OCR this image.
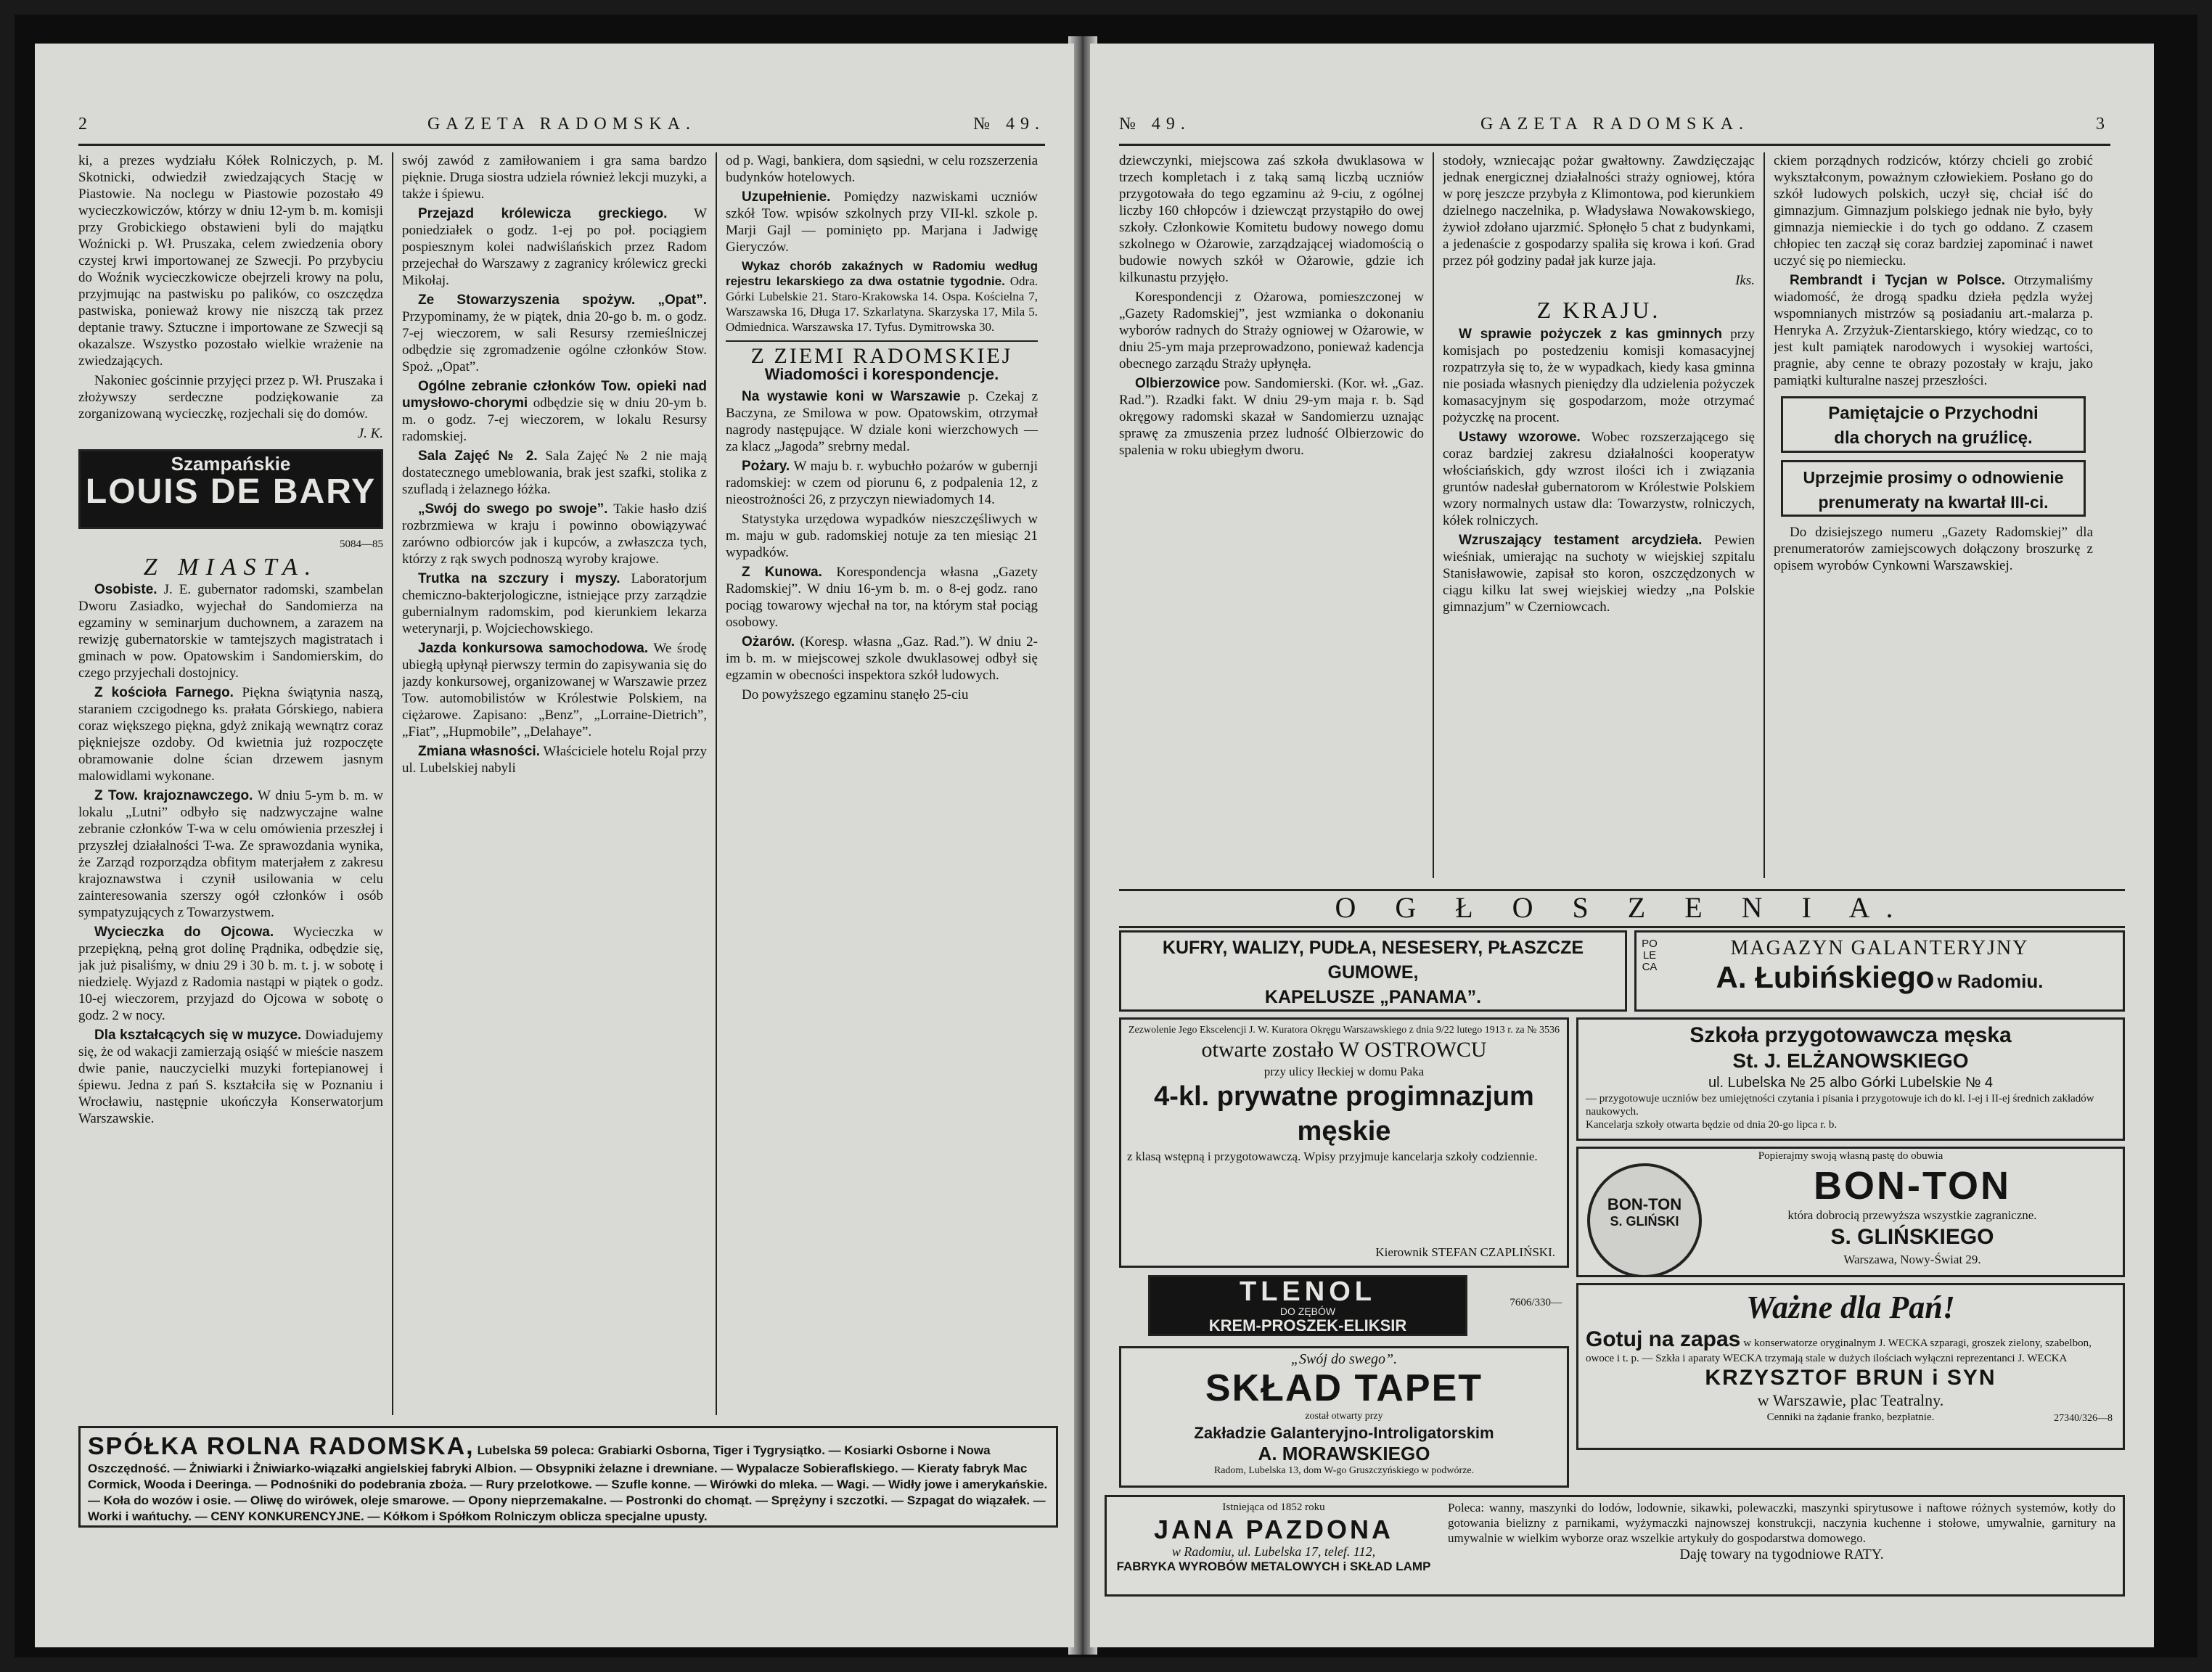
2	GAZETA RADOMSKA.	№ 49.

ki, a prezes wydziału Kółek Rolniczych, p. M. Skotnicki, odwiedził zwiedzających Stację w Piastowie. Na noclegu w Piastowie pozostało 49 wycieczkowiczów, którzy w dniu 12-ym b. m. komisji przy Grobickiego obstawieni byli do majątku Woźnicki p. Wł. Pruszaka, celem zwiedzenia obory czystej krwi importowanej ze Szwecji. Po przybyciu do Woźnik wycieczkowicze obejrzeli krowy na polu, przyjmując na pastwisku po palików, co oszczędza pastwiska, ponieważ krowy nie niszczą tak przez deptanie trawy. Sztuczne i importowane ze Szwecji są okazalsze. Wszystko pozostało wielkie wrażenie na zwiedzających.

Nakoniec gościnnie przyjęci przez p. Wł. Pruszaka i złożywszy serdeczne podziękowanie za zorganizowaną wycieczkę, rozjechali się do domów.

J. K.
Szampańskie
LOUIS DE BARY
5084—85
Z MIASTA.

Osobiste. J. E. gubernator radomski, szambelan Dworu Zasiadko, wyjechał do Sandomierza na egzaminy w seminarjum duchownem, a zarazem na rewizję gubernatorskie w tamtejszych magistratach i gminach w pow. Opatowskim i Sandomierskim, do czego przyjechali dostojnicy.

Z kościoła Farnego. Piękna świątynia naszą, staraniem czcigodnego ks. prałata Górskiego, nabiera coraz większego piękna, gdyż znikają wewnątrz coraz piękniejsze ozdoby. Od kwietnia już rozpoczęte obramowanie dolne ścian drzewem jasnym malowidlami wykonane.

Z Tow. krajoznawczego. W dniu 5-ym b. m. w lokalu „Lutni” odbyło się nadzwyczajne walne zebranie członków T-wa w celu omówienia przeszłej i przyszłej działalności T-wa. Ze sprawozdania wynika, że Zarząd rozporządza obfitym materjałem z zakresu krajoznawstwa i czynił usilowania w celu zainteresowania szerszy ogół członków i osób sympatyzujących z Towarzystwem.

Wycieczka do Ojcowa. Wycieczka w przepiękną, pełną grot dolinę Prądnika, odbędzie się, jak już pisaliśmy, w dniu 29 i 30 b. m. t. j. w sobotę i niedzielę. Wyjazd z Radomia nastąpi w piątek o godz. 10-ej wieczorem, przyjazd do Ojcowa w sobotę o godz. 2 w nocy.

Dla kształcących się w muzyce. Dowiadujemy się, że od wakacji zamierzają osiąść w mieście naszem dwie panie, nauczycielki muzyki fortepianowej i śpiewu. Jedna z pań S. kształciła się w Poznaniu i Wrocławiu, następnie ukończyła Konserwatorjum Warszawskie.

swój zawód z zamiłowaniem i gra sama bardzo pięknie. Druga siostra udziela również lekcji muzyki, a także i śpiewu.

Przejazd królewicza greckiego. W poniedziałek o godz. 1-ej po poł. pociągiem pospiesznym kolei nadwiślańskich przez Radom przejechał do Warszawy z zagranicy królewicz grecki Mikołaj.

Ze Stowarzyszenia spożyw. „Opat”. Przypominamy, że w piątek, dnia 20-go b. m. o godz. 7-ej wieczorem, w sali Resursy rzemieślniczej odbędzie się zgromadzenie ogólne członków Stow. Spoż. „Opat”.

Ogólne zebranie członków Tow. opieki nad umysłowo-chorymi odbędzie się w dniu 20-ym b. m. o godz. 7-ej wieczorem, w lokalu Resursy radomskiej.

Sala Zajęć № 2. Sala Zajęć № 2 nie mają dostatecznego umeblowania, brak jest szafki, stolika z szufladą i żelaznego łóżka.

„Swój do swego po swoje”. Takie hasło dziś rozbrzmiewa w kraju i powinno obowiązywać zarówno odbiorców jak i kupców, a zwłaszcza tych, którzy z rąk swych podnoszą wyroby krajowe.

Trutka na szczury i myszy. Laboratorjum chemiczno-bakterjologiczne, istniejące przy zarządzie gubernialnym radomskim, pod kierunkiem lekarza weterynarji, p. Wojciechowskiego.

Jazda konkursowa samochodowa. We środę ubiegłą upłynął pierwszy termin do zapisywania się do jazdy konkursowej, organizowanej w Warszawie przez Tow. automobilistów w Królestwie Polskiem, na ciężarowe. Zapisano: „Benz”, „Lorraine-Dietrich”, „Fiat”, „Hupmobile”, „Delahaye”.

Zmiana własności. Właściciele hotelu Rojal przy ul. Lubelskiej nabyli

od p. Wagi, bankiera, dom sąsiedni, w celu rozszerzenia budynków hotelowych.

Uzupełnienie. Pomiędzy nazwiskami uczniów szkół Tow. wpisów szkolnych przy VII-kl. szkole p. Marji Gajl — pominięto pp. Marjana i Jadwigę Gieryczów.

Wykaz chorób zakaźnych w Radomiu według rejestru lekarskiego za dwa ostatnie tygodnie. Odra. Górki Lubelskie 21. Staro-Krakowska 14. Ospa. Kościelna 7, Warszawska 16, Długa 17. Szkarlatyna. Skarzyska 17, Mila 5. Odmiednica. Warszawska 17. Tyfus. Dymitrowska 30.

Z ZIEMI RADOMSKIEJ
Wiadomości i korespondencje.

Na wystawie koni w Warszawie p. Czekaj z Baczyna, ze Smilowa w pow. Opatowskim, otrzymał nagrody następujące. W dziale koni wierzchowych — za klacz „Jagoda” srebrny medal.

Pożary. W maju b. r. wybuchło pożarów w gubernji radomskiej: w czem od piorunu 6, z podpalenia 12, z nieostrożności 26, z przyczyn niewiadomych 14.

Statystyka urzędowa wypadków nieszczęśliwych w m. maju w gub. radomskiej notuje za ten miesiąc 21 wypadków.

Z Kunowa. Korespondencja własna „Gazety Radomskiej”. W dniu 16-ym b. m. o 8-ej godz. rano pociąg towarowy wjechał na tor, na którym stał pociąg osobowy.

Ożarów. (Koresp. własna „Gaz. Rad.”). W dniu 2-im b. m. w miejscowej szkole dwuklasowej odbył się egzamin w obecności inspektora szkół ludowych.

Do powyższego egzaminu stanęło 25-ciu

SPÓŁKA ROLNA RADOMSKA, Lubelska 59 poleca: Grabiarki Osborna, Tiger i Tygrysiątko. — Kosiarki Osborne i Nowa Oszczędność. — Żniwiarki i Żniwiarko-wiązałki angielskiej fabryki Albion. — Obsypniki żelazne i drewniane. — Wypalacze Sobieraflskiego. — Kieraty fabryk Mac Cormick, Wooda i Deeringa. — Podnośniki do podebrania zboża. — Rury przelotkowe. — Szufle konne. — Wirówki do mleka. — Wagi. — Widły jowe i amerykańskie. — Koła do wozów i osie. — Oliwę do wirówek, oleje smarowe. — Opony nieprzemakalne. — Postronki do chomąt. — Sprężyny i szczotki. — Szpagat do wiązałek. — Worki i wańtuchy. — CENY KONKURENCYJNE. — Kółkom i Spółkom Rolniczym oblicza specjalne upusty.
№ 49.	GAZETA RADOMSKA.	3

dziewczynki, miejscowa zaś szkoła dwuklasowa w trzech kompletach i z taką samą liczbą uczniów przygotowała do tego egzaminu aż 9-ciu, z ogólnej liczby 160 chłopców i dziewcząt przystąpiło do owej szkoły. Członkowie Komitetu budowy nowego domu szkolnego w Ożarowie, zarządzającej wiadomością o budowie nowych szkół w Ożarowie, gdzie ich kilkunastu przyjęło.

Korespondencji z Ożarowa, pomieszczonej w „Gazety Radomskiej”, jest wzmianka o dokonaniu wyborów radnych do Straży ogniowej w Ożarowie, w dniu 25-ym maja przeprowadzono, ponieważ kadencja obecnego zarządu Straży upłynęła.

Olbierzowice pow. Sandomierski. (Kor. wł. „Gaz. Rad.”). Rzadki fakt. W dniu 29-ym maja r. b. Sąd okręgowy radomski skazał w Sandomierzu uznając sprawę za zmuszenia przez ludność Olbierzowic do spalenia w roku ubiegłym dworu.

stodoły, wzniecając pożar gwałtowny. Zawdzięczając jednak energicznej działalności straży ogniowej, która w porę jeszcze przybyła z Klimontowa, pod kierunkiem dzielnego naczelnika, p. Władysława Nowakowskiego, żywioł zdołano ujarzmić. Spłonęło 5 chat z budynkami, a jedenaście z gospodarzy spaliła się krowa i koń. Grad przez pół godziny padał jak kurze jaja.

Iks.
Z KRAJU.

W sprawie pożyczek z kas gminnych przy komisjach po postedzeniu komisji komasacyjnej rozpatrzyła się to, że w wypadkach, kiedy kasa gminna nie posiada własnych pieniędzy dla udzielenia pożyczek komasacyjnym się gospodarzom, może otrzymać pożyczkę na procent.

Ustawy wzorowe. Wobec rozszerzającego się coraz bardziej zakresu działalności kooperatyw włościańskich, gdy wzrost ilości ich i związania gruntów nadesłał gubernatorom w Królestwie Polskiem wzory normalnych ustaw dla: Towarzystw, rolniczych, kółek rolniczych.

Wzruszający testament arcydzieła. Pewien wieśniak, umierając na suchoty w wiejskiej szpitalu Stanisławowie, zapisał sto koron, oszczędzonych w ciągu kilku lat swej wiejskiej wiedzy „na Polskie gimnazjum” w Czerniowcach.

ckiem porządnych rodziców, którzy chcieli go zrobić wykształconym, poważnym człowiekiem. Posłano go do szkół ludowych polskich, uczył się, chciał iść do gimnazjum. Gimnazjum polskiego jednak nie było, były gimnazja niemieckie i do tych go oddano. Z czasem chłopiec ten zaczął się coraz bardziej zapominać i nawet uczyć się po niemiecku.

Rembrandt i Tycjan w Polsce. Otrzymaliśmy wiadomość, że drogą spadku dzieła pędzla wyżej wspomnianych mistrzów są posiadaniu art.-malarza p. Henryka A. Zrzyżuk-Zientarskiego, który wiedząc, co to jest kult pamiątek narodowych i wysokiej wartości, pragnie, aby cenne te obrazy pozostały w kraju, jako pamiątki kulturalne naszej przeszłości.

Pamiętajcie o Przychodni
dla chorych na gruźlicę.
Uprzejmie prosimy o odnowienie
prenumeraty na kwartał III-ci.

Do dzisiejszego numeru „Gazety Radomskiej” dla prenumeratorów zamiejscowych dołączony broszurkę z opisem wyrobów Cynkowni Warszawskiej.

O G Ł O S Z E N I A.
KUFRY, WALIZY, PUDŁA, NESESERY, PŁASZCZE GUMOWE,
KAPELUSZE „PANAMA”.
POLECA
MAGAZYN GALANTERYJNY
A. Łubińskiego w Radomiu.
Zezwolenie Jego Ekscelencji J. W. Kuratora Okręgu Warszawskiego z dnia 9/22 lutego 1913 r. za № 3536
otwarte zostało W OSTROWCU
przy ulicy Iłeckiej w domu Paka
4-kl. prywatne progimnazjum męskie
z klasą wstępną i przygotowawczą. Wpisy przyjmuje kancelarja szkoły codziennie.
Kierownik STEFAN CZAPLIŃSKI.
Szkoła przygotowawcza męska
St. J. ELŻANOWSKIEGO
ul. Lubelska № 25 albo Górki Lubelskie № 4
— przygotowuje uczniów bez umiejętności czytania i pisania i przygotowuje ich do kl. I-ej i II-ej średnich zakładów naukowych.
Kancelarja szkoły otwarta będzie od dnia 20-go lipca r. b.
Popierajmy swoją własną pastę do obuwia
BON-TON
S. GLIŃSKI
BON-TON
która dobrocią przewyższa wszystkie zagraniczne.
S. GLIŃSKIEGO
Warszawa, Nowy-Świat 29.
TLENOL
DO ZĘBÓW
KREM-PROSZEK-ELIKSIR
7606/330—	Ważne dla Pań!
Gotuj na zapas w konserwatorze oryginalnym J. WECKA szparagi, groszek zielony, szabelbon, owoce i t. p. — Szkła i aparaty WECKA trzymają stale w dużych ilościach wyłączni reprezentanci J. WECKA
KRZYSZTOF BRUN i SYN
w Warszawie, plac Teatralny.
27340/326—8
Cenniki na żądanie franko, bezpłatnie.
„Swój do swego”.
SKŁAD TAPET
został otwarty przy
Zakładzie Galanteryjno-Introligatorskim
A. MORAWSKIEGO
Radom, Lubelska 13, dom W-go Gruszczyńskiego w podwórze.
Istniejąca od 1852 roku
JANA PAZDONA
w Radomiu, ul. Lubelska 17, telef. 112,
FABRYKA WYROBÓW METALOWYCH i SKŁAD LAMP
Poleca: wanny, maszynki do lodów, lodownie, sikawki, polewaczki, maszynki spirytusowe i naftowe różnych systemów, kotły do gotowania bielizny z parnikami, wyżymaczki najnowszej konstrukcji, naczynia kuchenne i stołowe, umywalnie, garnitury na umywalnie w wielkim wyborze oraz wszelkie artykuły do gospodarstwa domowego.
Daję towary na tygodniowe RATY.
